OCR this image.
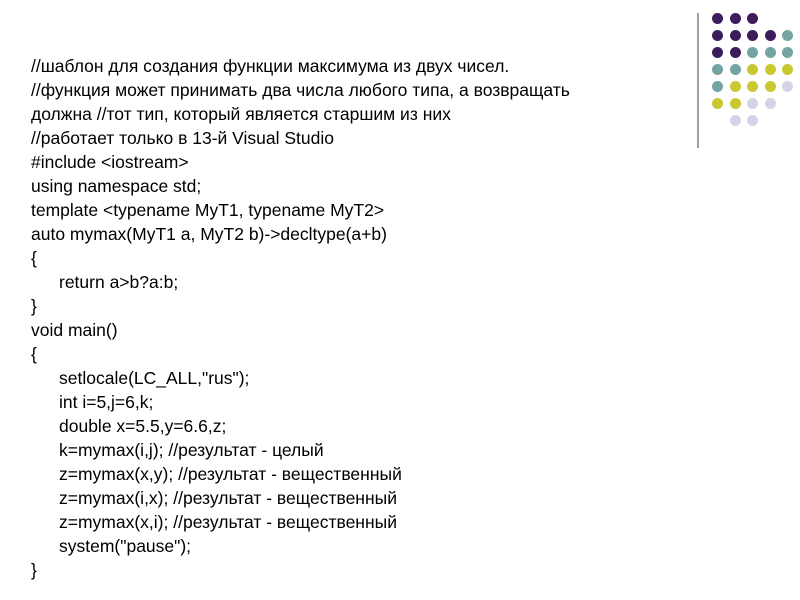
//шаблон для создания функции максимума из двух чисел.
//функция может принимать два числа любого типа, а возвращать
должна //тот тип, который является старшим из них
//работает только в 13-й Visual Studio
#include <iostream>
using namespace std;
template <typename MyT1, typename MyT2>
auto mymax(MyT1 a, MyT2 b)->decltype(a+b)
{
return a>b?a:b;
}
void main()
{
setlocale(LC_ALL,"rus");
int i=5,j=6,k;
double x=5.5,y=6.6,z;
k=mymax(i,j); //результат - целый
z=mymax(x,y); //результат - вещественный
z=mymax(i,x); //результат - вещественный
z=mymax(x,i); //результат - вещественный
system("pause");
}
